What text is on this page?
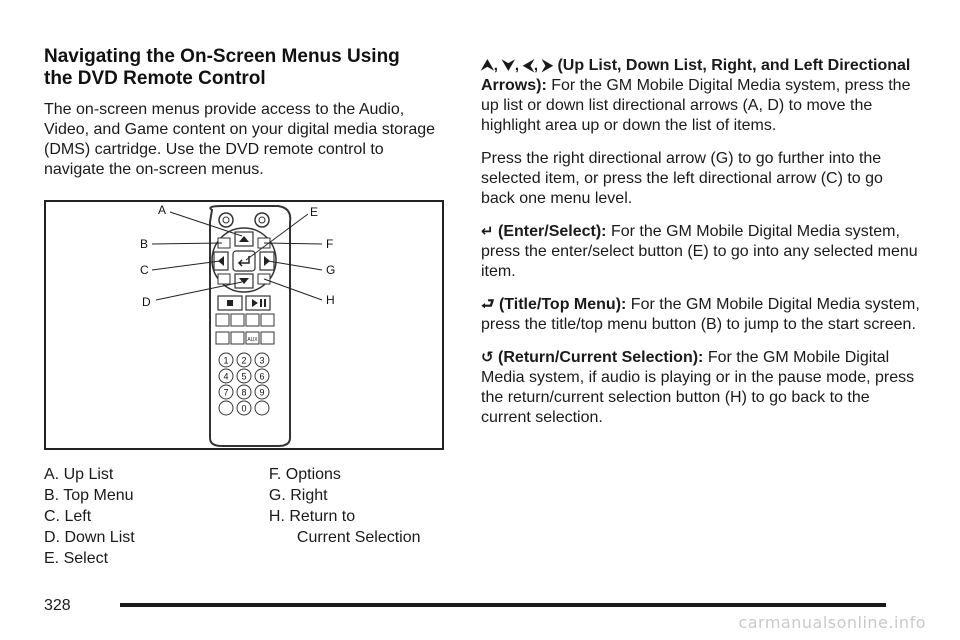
Navigating the On-Screen Menus Using
the DVD Remote Control

The on-screen menus provide access to the Audio, Video, and Game content on your digital media storage (DMS) cartridge. Use the DVD remote control to navigate the on-screen menus.

AUX
1 2 3
4 5 6
7 8 9
0
A
B
C
D
E
F
G
H
A. Up List
B. Top Menu
C. Left
D. Down List
E. Select
F. Options
G. Right
H. Return to
Current Selection

⮝, ⮟, ⮜, ⮞ (Up List, Down List, Right, and Left Directional Arrows): For the GM Mobile Digital Media system, press the up list or down list directional arrows (A, D) to move the highlight area up or down the list of items.

Press the right directional arrow (G) to go further into the selected item, or press the left directional arrow (C) to go back one menu level.

↵ (Enter/Select): For the GM Mobile Digital Media system, press the enter/select button (E) to go into any selected menu item.

⮐ (Title/Top Menu): For the GM Mobile Digital Media system, press the title/top menu button (B) to jump to the start screen.

↺ (Return/Current Selection): For the GM Mobile Digital Media system, if audio is playing or in the pause mode, press the return/current selection button (H) to go back to the current selection.

328
carmanualsonline.info
